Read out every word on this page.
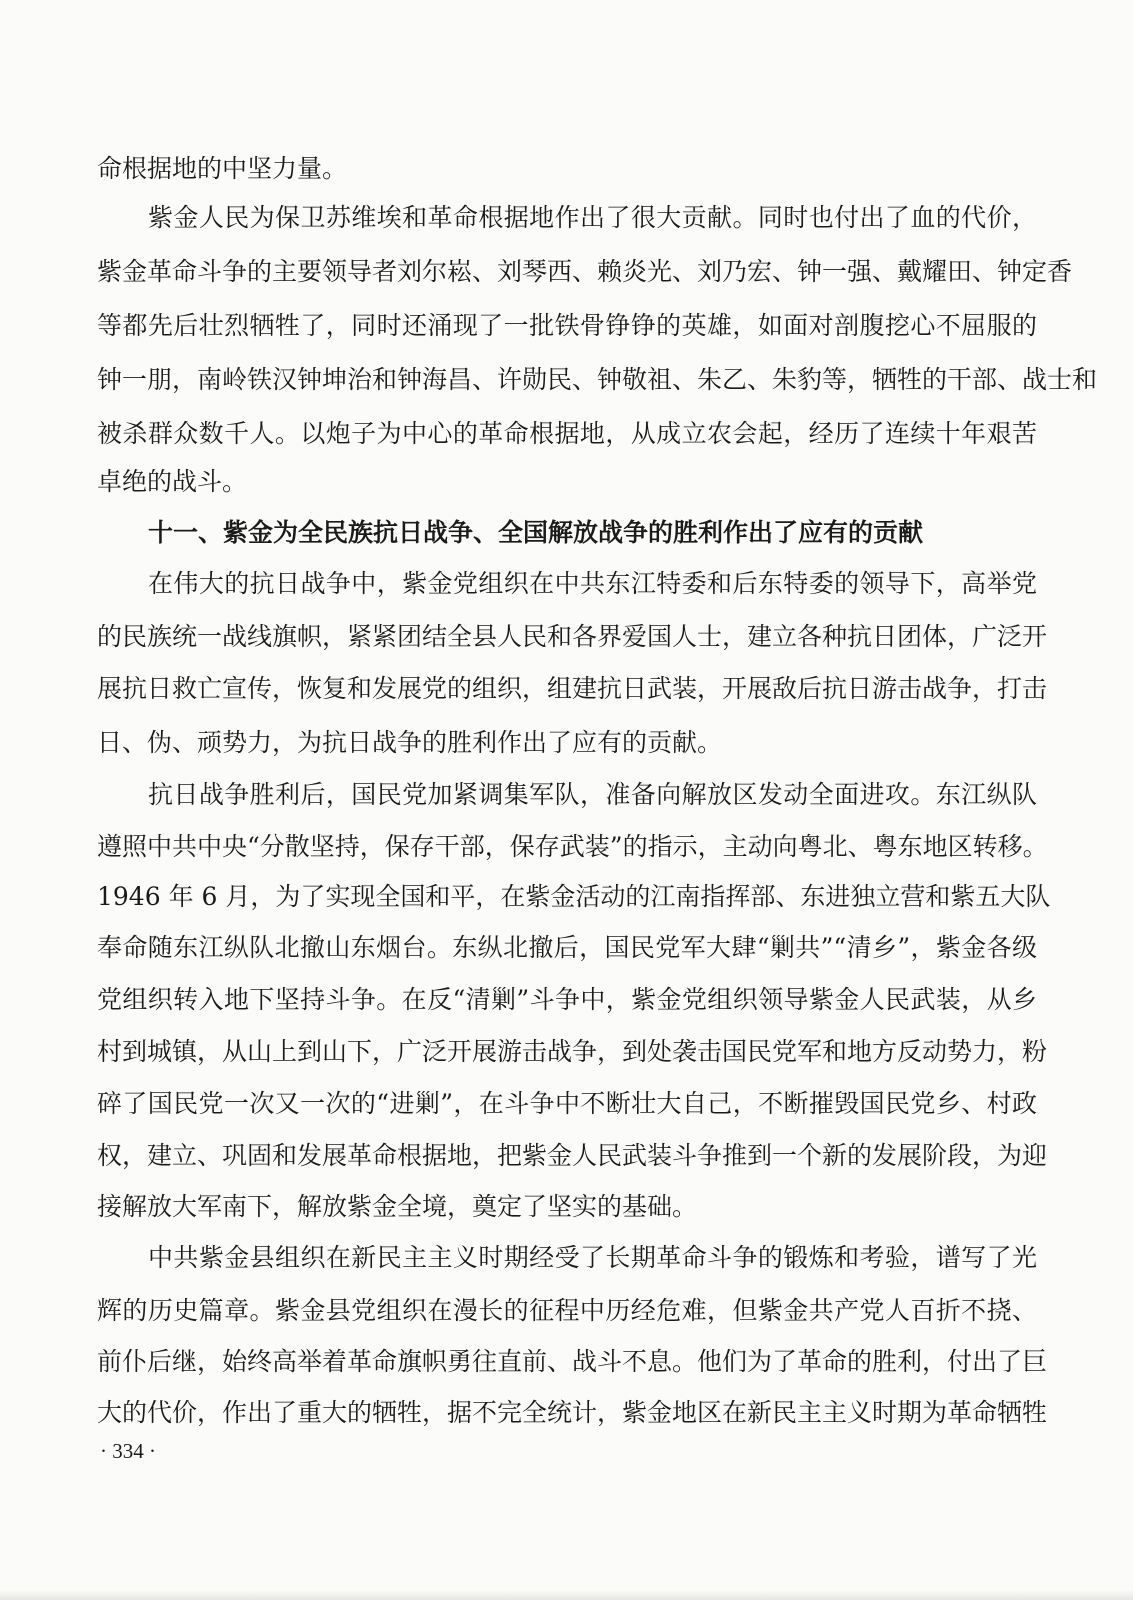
命根据地的中坚力量。
紫金人民为保卫苏维埃和革命根据地作出了很大贡献。同时也付出了血的代价，
紫金革命斗争的主要领导者刘尔崧、刘琴西、赖炎光、刘乃宏、钟一强、戴耀田、钟定香
等都先后壮烈牺牲了，同时还涌现了一批铁骨铮铮的英雄，如面对剖腹挖心不屈服的
钟一朋，南岭铁汉钟坤治和钟海昌、许勋民、钟敬祖、朱乙、朱豹等，牺牲的干部、战士和
被杀群众数千人。以炮子为中心的革命根据地，从成立农会起，经历了连续十年艰苦
卓绝的战斗。
十一、紫金为全民族抗日战争、全国解放战争的胜利作出了应有的贡献
在伟大的抗日战争中，紫金党组织在中共东江特委和后东特委的领导下，高举党
的民族统一战线旗帜，紧紧团结全县人民和各界爱国人士，建立各种抗日团体，广泛开
展抗日救亡宣传，恢复和发展党的组织，组建抗日武装，开展敌后抗日游击战争，打击
日、伪、顽势力，为抗日战争的胜利作出了应有的贡献。
抗日战争胜利后，国民党加紧调集军队，准备向解放区发动全面进攻。东江纵队
遵照中共中央“分散坚持，保存干部，保存武装”的指示，主动向粤北、粤东地区转移。
1946 年 6 月，为了实现全国和平，在紫金活动的江南指挥部、东进独立营和紫五大队
奉命随东江纵队北撤山东烟台。东纵北撤后，国民党军大肆“剿共”“清乡”，紫金各级
党组织转入地下坚持斗争。在反“清剿”斗争中，紫金党组织领导紫金人民武装，从乡
村到城镇，从山上到山下，广泛开展游击战争，到处袭击国民党军和地方反动势力，粉
碎了国民党一次又一次的“进剿”，在斗争中不断壮大自己，不断摧毁国民党乡、村政
权，建立、巩固和发展革命根据地，把紫金人民武装斗争推到一个新的发展阶段，为迎
接解放大军南下，解放紫金全境，奠定了坚实的基础。
中共紫金县组织在新民主主义时期经受了长期革命斗争的锻炼和考验，谱写了光
辉的历史篇章。紫金县党组织在漫长的征程中历经危难，但紫金共产党人百折不挠、
前仆后继，始终高举着革命旗帜勇往直前、战斗不息。他们为了革命的胜利，付出了巨
大的代价，作出了重大的牺牲，据不完全统计，紫金地区在新民主主义时期为革命牺牲
· 334 ·
